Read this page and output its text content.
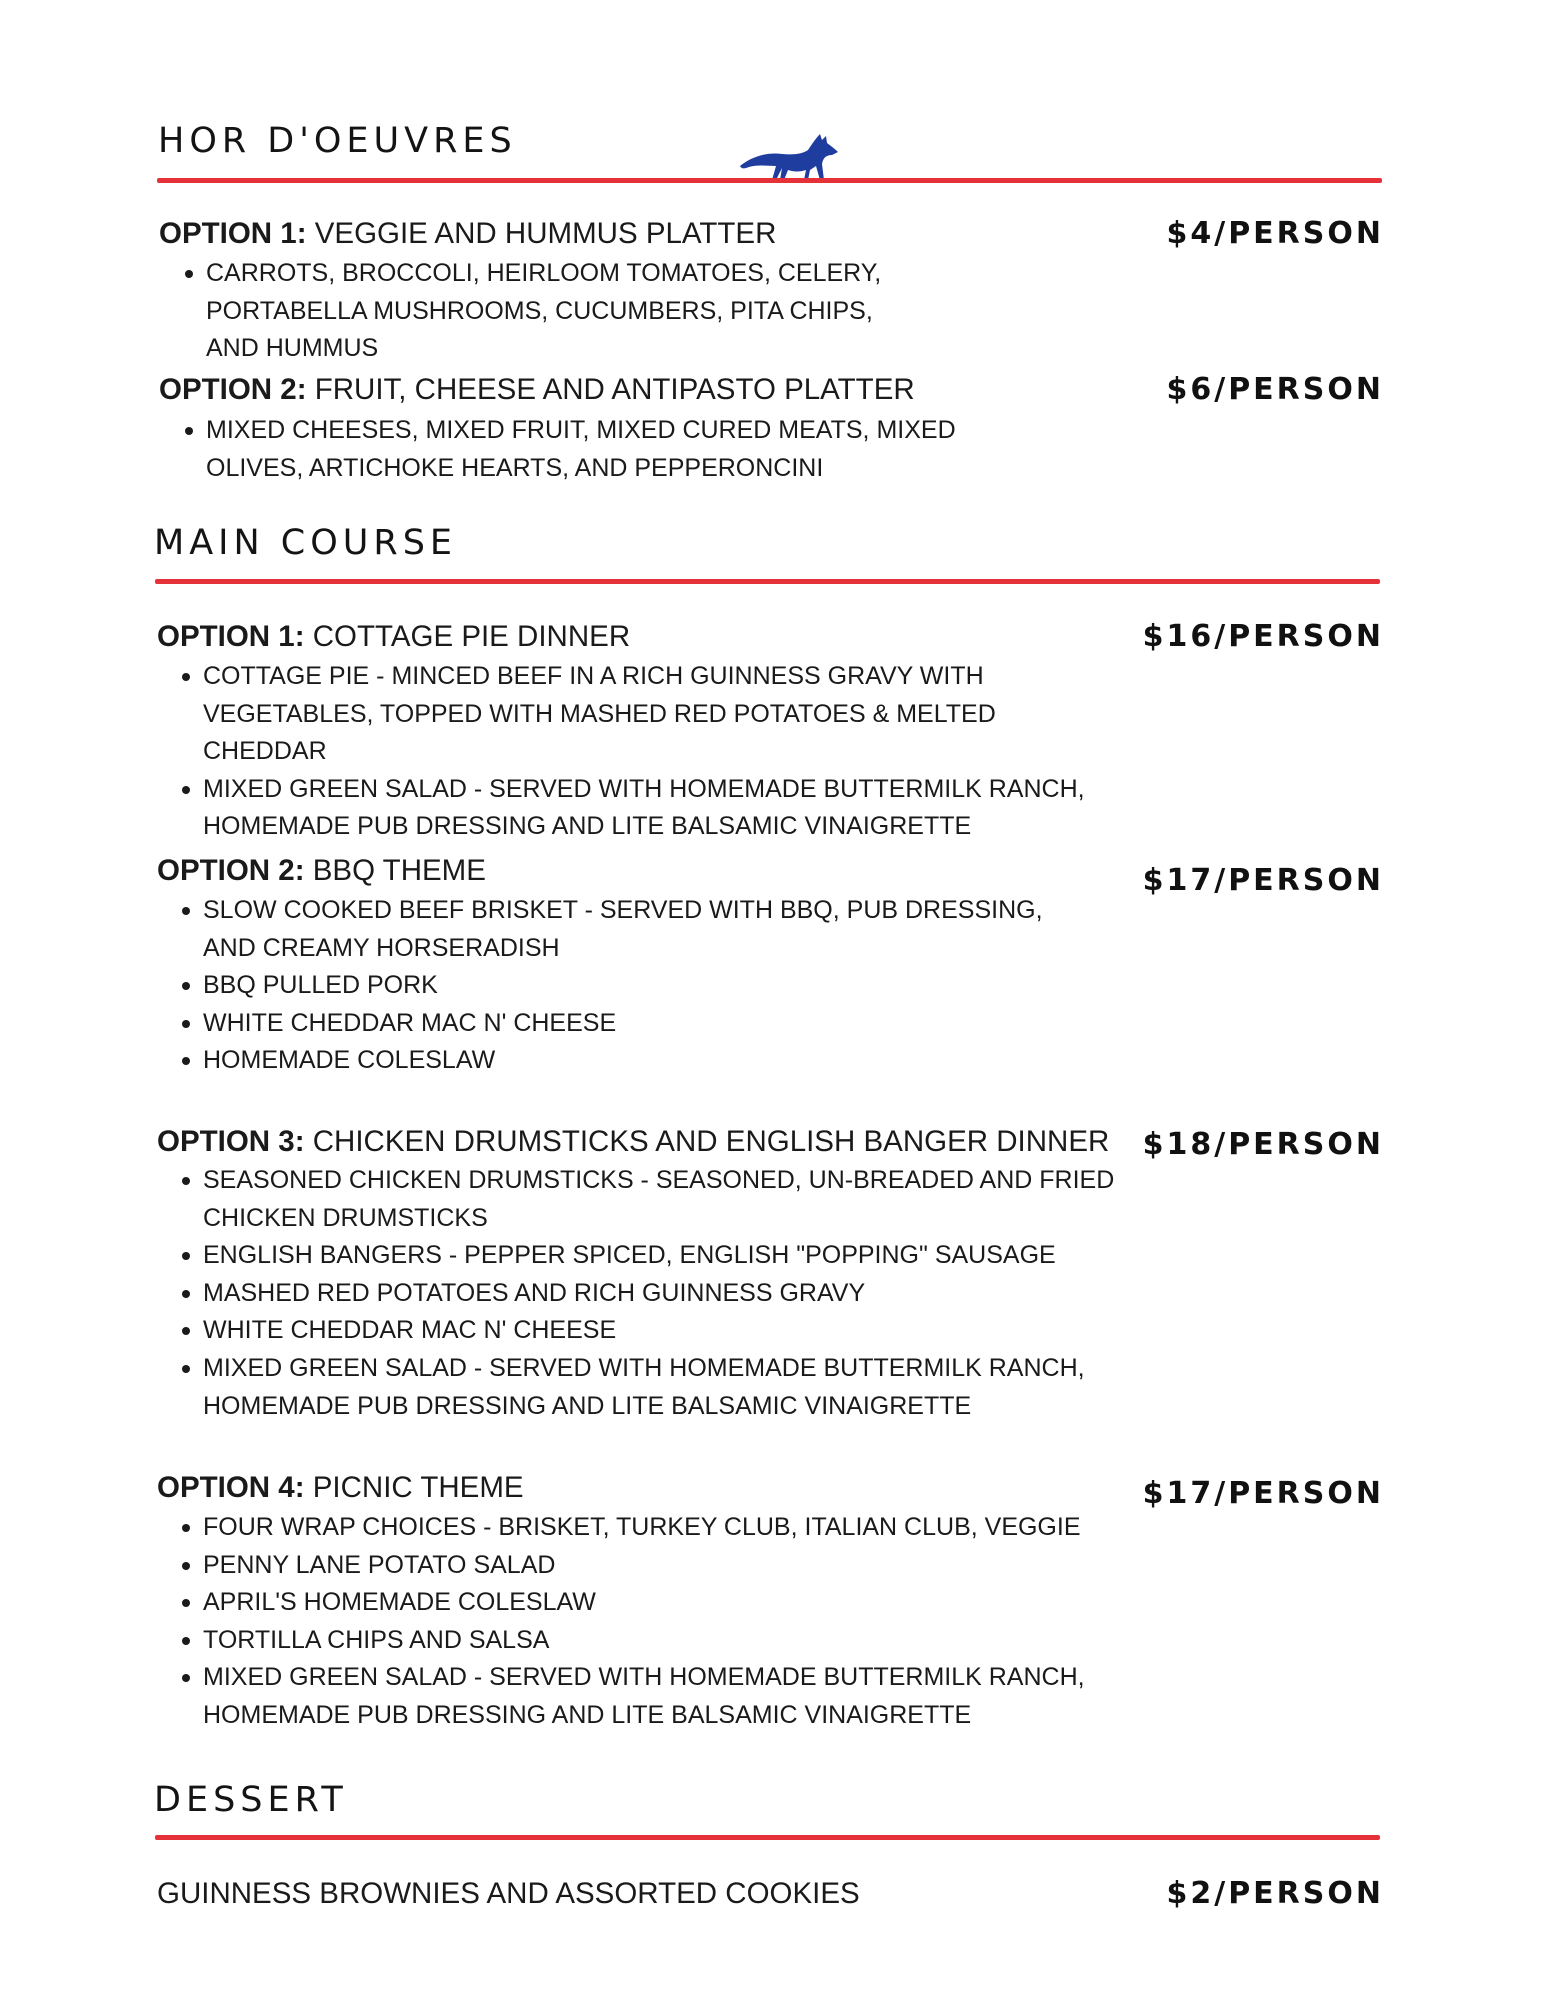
HOR D'OEUVRES
OPTION 1: VEGGIE AND HUMMUS PLATTER	$4/PERSON
CARROTS, BROCCOLI, HEIRLOOM TOMATOES, CELERY, PORTABELLA MUSHROOMS, CUCUMBERS, PITA CHIPS, AND HUMMUS
OPTION 2: FRUIT, CHEESE AND ANTIPASTO PLATTER	$6/PERSON
MIXED CHEESES, MIXED FRUIT, MIXED CURED MEATS, MIXED OLIVES, ARTICHOKE HEARTS, AND PEPPERONCINI
MAIN COURSE
OPTION 1: COTTAGE PIE DINNER	$16/PERSON
COTTAGE PIE - MINCED BEEF IN A RICH GUINNESS GRAVY WITH VEGETABLES, TOPPED WITH MASHED RED POTATOES & MELTED CHEDDAR
MIXED GREEN SALAD - SERVED WITH HOMEMADE BUTTERMILK RANCH, HOMEMADE PUB DRESSING AND LITE BALSAMIC VINAIGRETTE
OPTION 2: BBQ THEME	$17/PERSON
SLOW COOKED BEEF BRISKET - SERVED WITH BBQ, PUB DRESSING, AND CREAMY HORSERADISH
BBQ PULLED PORK
WHITE CHEDDAR MAC N' CHEESE
HOMEMADE COLESLAW
OPTION 3: CHICKEN DRUMSTICKS AND ENGLISH BANGER DINNER $18/PERSON
SEASONED CHICKEN DRUMSTICKS - SEASONED, UN-BREADED AND FRIED CHICKEN DRUMSTICKS
ENGLISH BANGERS - PEPPER SPICED, ENGLISH "POPPING" SAUSAGE
MASHED RED POTATOES AND RICH GUINNESS GRAVY
WHITE CHEDDAR MAC N' CHEESE
MIXED GREEN SALAD - SERVED WITH HOMEMADE BUTTERMILK RANCH, HOMEMADE PUB DRESSING AND LITE BALSAMIC VINAIGRETTE
OPTION 4: PICNIC THEME	$17/PERSON
FOUR WRAP CHOICES - BRISKET, TURKEY CLUB, ITALIAN CLUB, VEGGIE
PENNY LANE POTATO SALAD
APRIL'S HOMEMADE COLESLAW
TORTILLA CHIPS AND SALSA
MIXED GREEN SALAD - SERVED WITH HOMEMADE BUTTERMILK RANCH, HOMEMADE PUB DRESSING AND LITE BALSAMIC VINAIGRETTE
DESSERT
GUINNESS BROWNIES AND ASSORTED COOKIES	$2/PERSON
